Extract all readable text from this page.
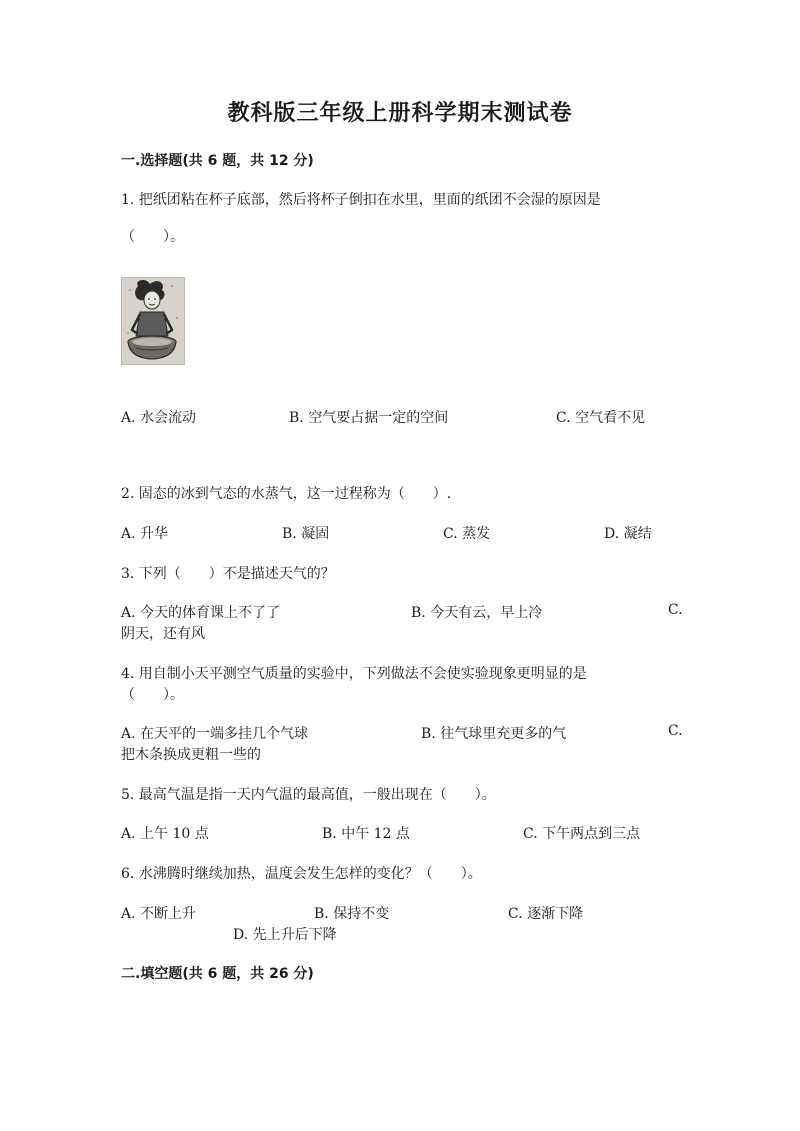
教科版三年级上册科学期末测试卷
一.选择题(共 6 题，共 12 分)
1. 把纸团粘在杯子底部，然后将杯子倒扣在水里，里面的纸团不会湿的原因是
（　　）。
A. 水会流动	B. 空气要占据一定的空间	C. 空气看不见
2. 固态的冰到气态的水蒸气，这一过程称为（　　）.
A. 升华	B. 凝固	C. 蒸发	D. 凝结
3. 下列（　　）不是描述天气的？
A. 今天的体育课上不了了	B. 今天有云，早上冷	C.
阴天，还有风
4. 用自制小天平测空气质量的实验中，下列做法不会使实验现象更明显的是
（　　）。
A. 在天平的一端多挂几个气球	B. 往气球里充更多的气	C.
把木条换成更粗一些的
5. 最高气温是指一天内气温的最高值，一般出现在（　　）。
A. 上午 10 点	B. 中午 12 点	C. 下午两点到三点
6. 水沸腾时继续加热，温度会发生怎样的变化？（　　）。
A. 不断上升	B. 保持不变	C. 逐渐下降
D. 先上升后下降
二.填空题(共 6 题，共 26 分)
